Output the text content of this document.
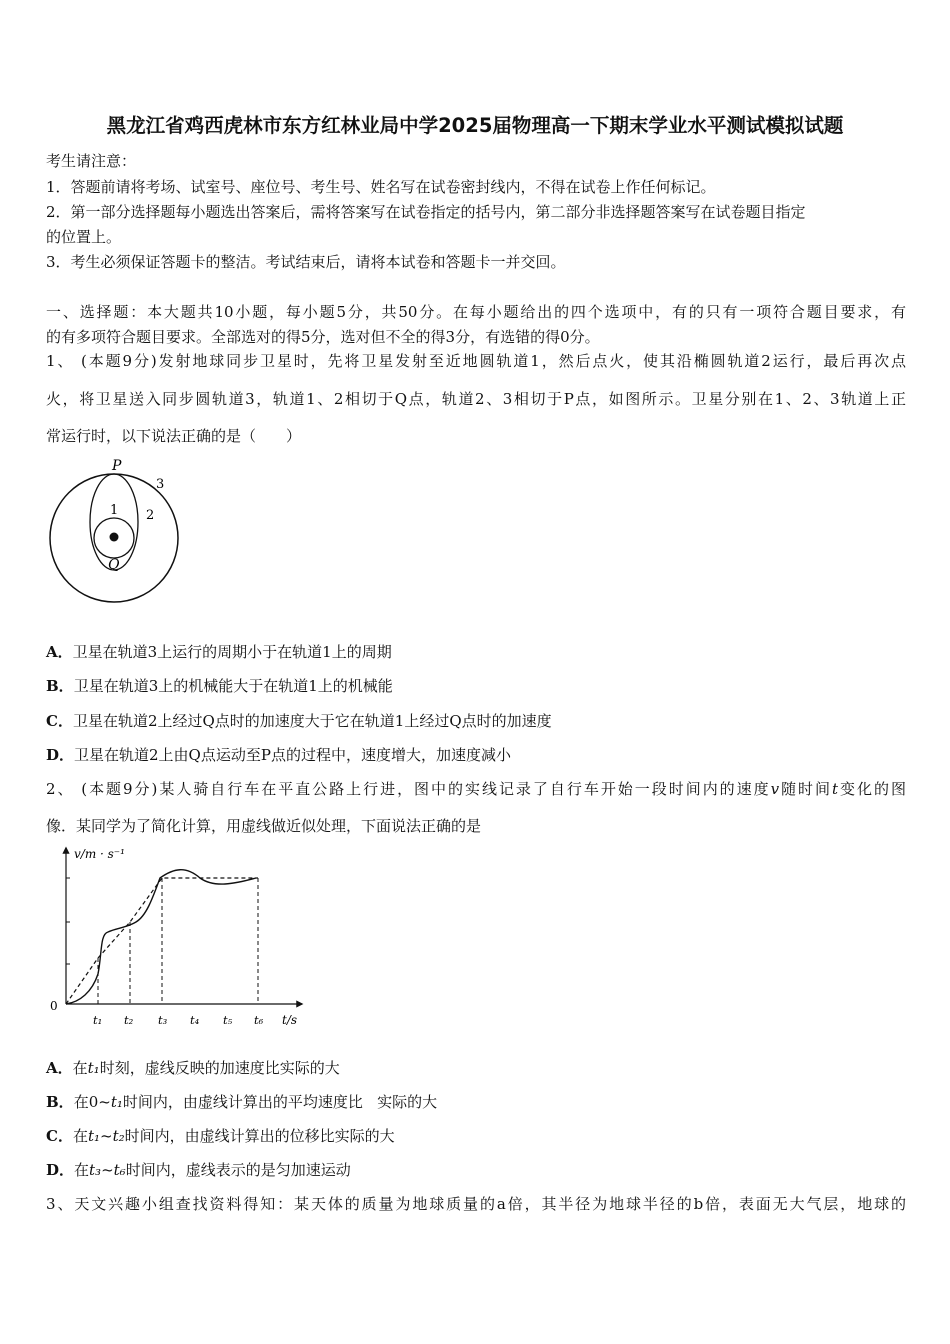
黑龙江省鸡西虎林市东方红林业局中学2025届物理高一下期末学业水平测试模拟试题
考生请注意：
1．答题前请将考场、试室号、座位号、考生号、姓名写在试卷密封线内，不得在试卷上作任何标记。
2．第一部分选择题每小题选出答案后，需将答案写在试卷指定的括号内，第二部分非选择题答案写在试卷题目指定
的位置上。
3．考生必须保证答题卡的整洁。考试结束后，请将本试卷和答题卡一并交回。
一、选择题：本大题共10小题，每小题5分，共50分。在每小题给出的四个选项中，有的只有一项符合题目要求，有
的有多项符合题目要求。全部选对的得5分，选对但不全的得3分，有选错的得0分。
1、 (本题9分)发射地球同步卫星时，先将卫星发射至近地圆轨道1，然后点火，使其沿椭圆轨道2运行，最后再次点
火，将卫星送入同步圆轨道3，轨道1、2相切于Q点，轨道2、3相切于P点，如图所示。卫星分别在1、2、3轨道上正
常运行时，以下说法正确的是（　　）
P
Q
1 2
3
A．卫星在轨道3上运行的周期小于在轨道1上的周期
B．卫星在轨道3上的机械能大于在轨道1上的机械能
C．卫星在轨道2上经过Q点时的加速度大于它在轨道1上经过Q点时的加速度
D．卫星在轨道2上由Q点运动至P点的过程中，速度增大，加速度减小
2、 (本题9分)某人骑自行车在平直公路上行进，图中的实线记录了自行车开始一段时间内的速度v随时间t变化的图
像．某同学为了简化计算，用虚线做近似处理，下面说法正确的是
v/m · s⁻¹
0
t/s
t₁ t₂ t₃ t₄ t₅ t₆
A．在t₁时刻，虚线反映的加速度比实际的大
B．在0~t₁时间内，由虚线计算出的平均速度比   实际的大
C．在t₁~t₂时间内，由虚线计算出的位移比实际的大
D．在t₃~t₆时间内，虚线表示的是匀加速运动
3、天文兴趣小组查找资料得知：某天体的质量为地球质量的a倍，其半径为地球半径的b倍，表面无大气层，地球的
